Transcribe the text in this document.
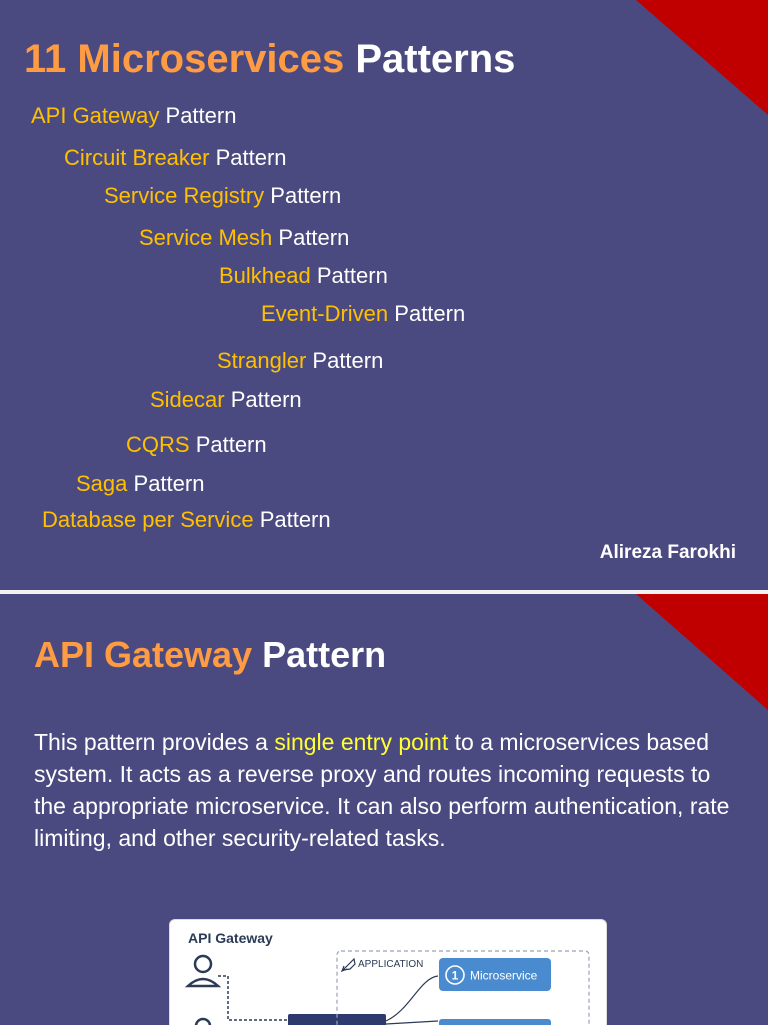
11 Microservices Patterns
API Gateway Pattern
Circuit Breaker Pattern
Service Registry Pattern
Service Mesh Pattern
Bulkhead Pattern
Event-Driven Pattern
Strangler Pattern
Sidecar Pattern
CQRS Pattern
Saga Pattern
Database per Service Pattern
Alireza Farokhi
API Gateway Pattern
This pattern provides a single entry point to a microservices based system. It acts as a reverse proxy and routes incoming requests to the appropriate microservice. It can also perform authentication, rate limiting, and other security-related tasks.
API Gateway
APPLICATION
1 Microservice
